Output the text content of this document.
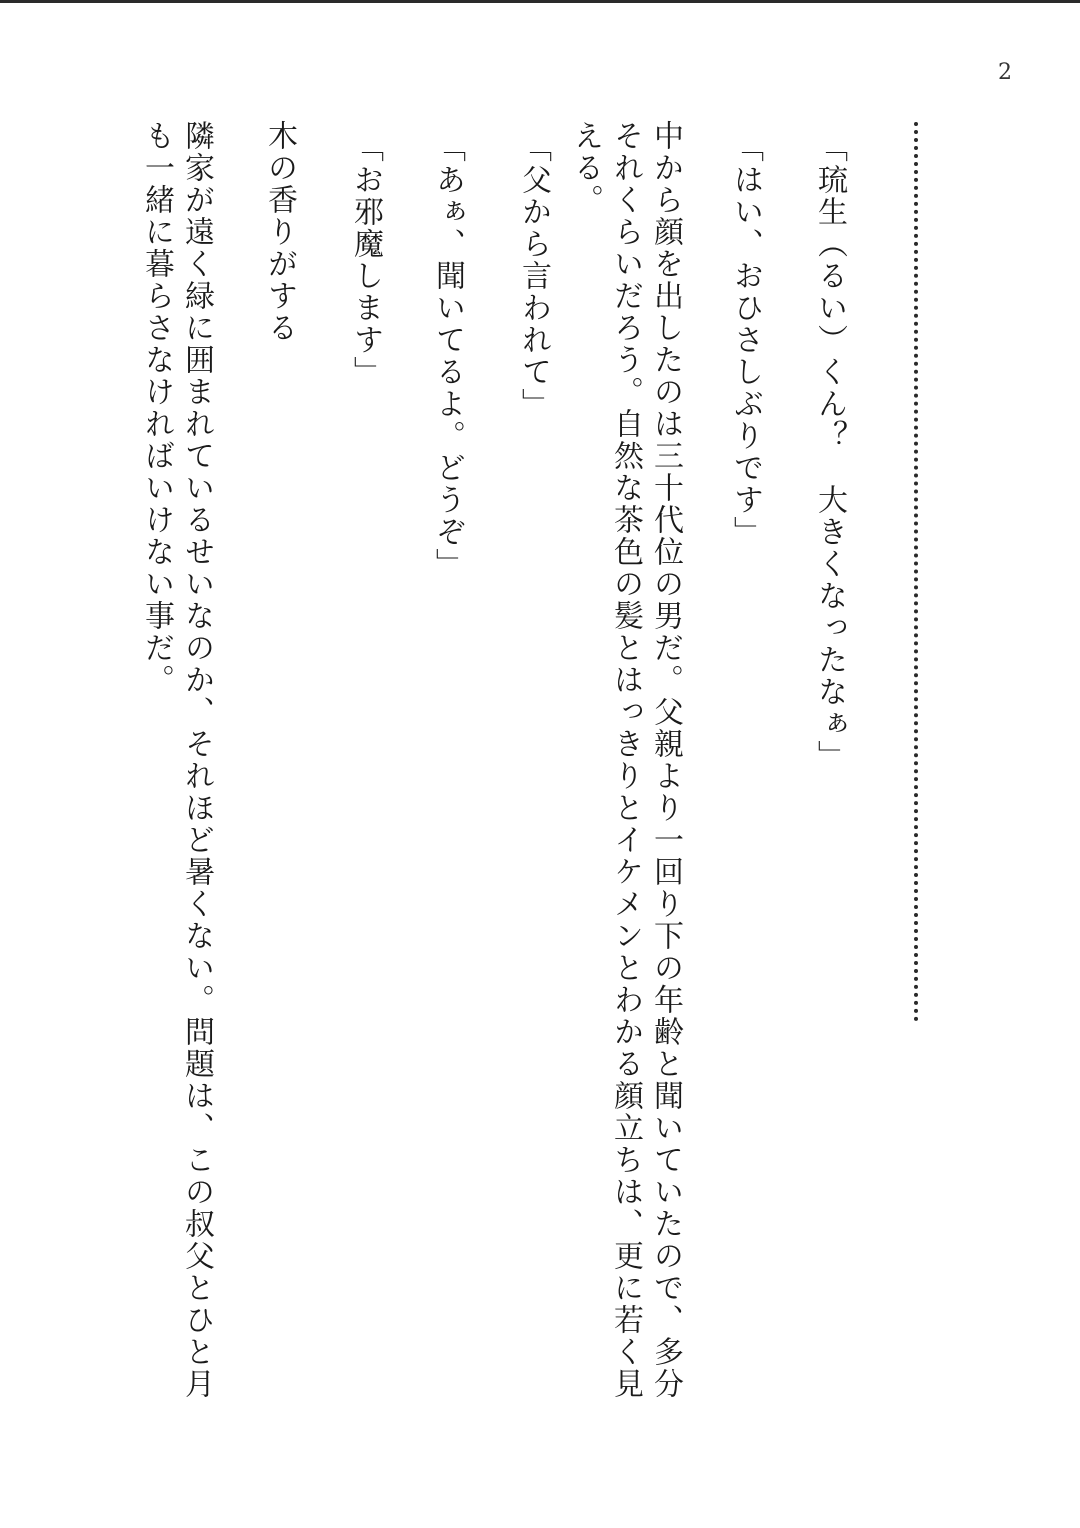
2

「琉生（るい）くん？　大きくなったなぁ」

「はい、おひさしぶりです」

中から顔を出したのは三十代位の男だ。父親より一回り下の年齢と聞いていたので、多分それくらいだろう。自然な茶色の髪とはっきりとイケメンとわかる顔立ちは、更に若く見える。

「父から言われて」

「あぁ、聞いてるよ。どうぞ」

「お邪魔します」

木の香りがする

隣家が遠く緑に囲まれているせいなのか、それほど暑くない。問題は、この叔父とひと月も一緒に暮らさなければいけない事だ。
